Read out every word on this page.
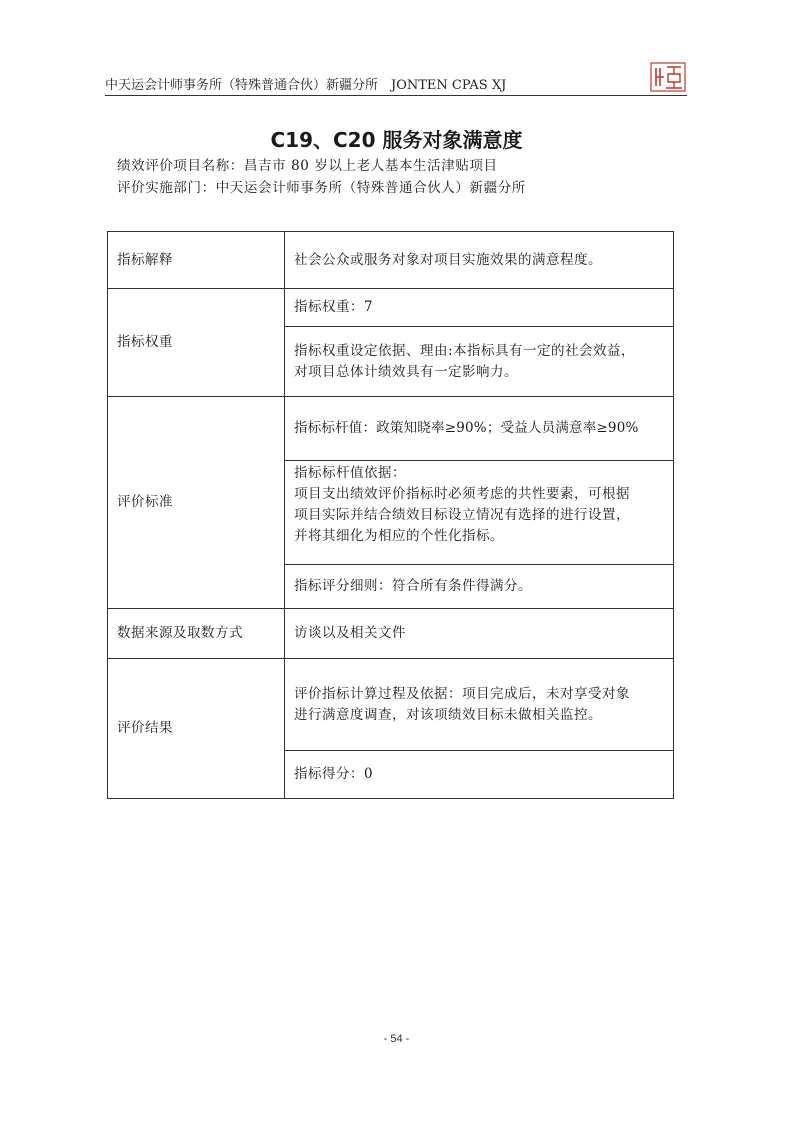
中天运会计师事务所（特殊普通合伙）新疆分所　JONTEN CPAS XJ
C19、C20 服务对象满意度
绩效评价项目名称：昌吉市 80 岁以上老人基本生活津贴项目
评价实施部门：中天运会计师事务所（特殊普通合伙人）新疆分所
指标解释	社会公众或服务对象对项目实施效果的满意程度。
指标权重	指标权重：7

	指标权重设定依据、理由:本指标具有一定的社会效益，
对项目总体计绩效具有一定影响力。

评价标准	指标标杆值：政策知晓率≥90%；受益人员满意率≥90%

	指标标杆值依据：
项目支出绩效评价指标时必须考虑的共性要素，可根据
项目实际并结合绩效目标设立情况有选择的进行设置，
并将其细化为相应的个性化指标。

	指标评分细则：符合所有条件得满分。
数据来源及取数方式	访谈以及相关文件
评价结果	评价指标计算过程及依据：项目完成后，未对享受对象
进行满意度调查，对该项绩效目标未做相关监控。

	指标得分：0
- 54 -
